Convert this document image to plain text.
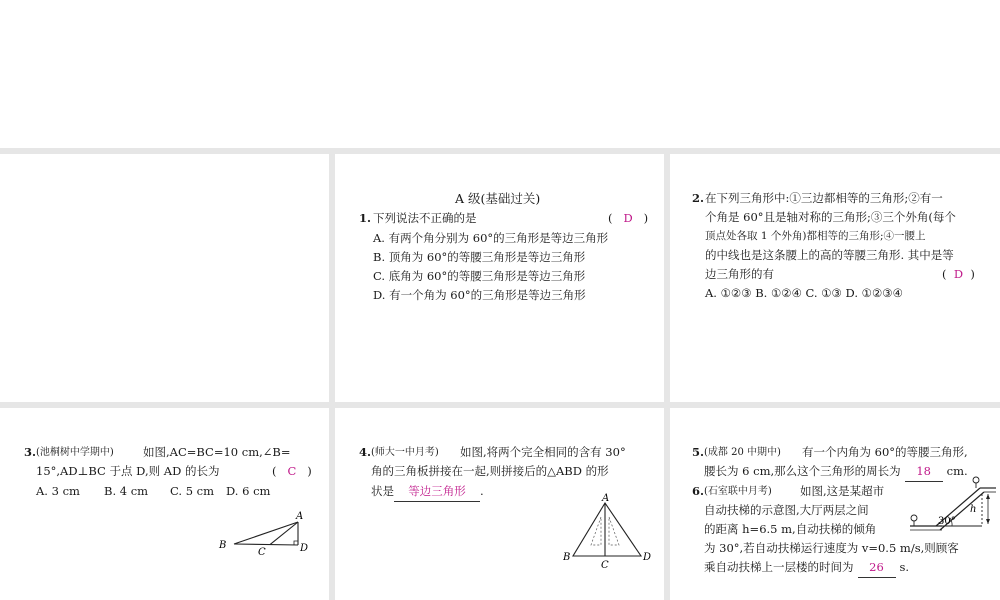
A 级(基础过关)
1. 下列说法不正确的是	(   D   )
A. 有两个角分别为 60°的三角形是等边三角形
B. 顶角为 60°的等腰三角形是等边三角形
C. 底角为 60°的等腰三角形是等边三角形
D. 有一个角为 60°的三角形是等边三角形
2. 在下列三角形中:①三边都相等的三角形;②有一
个角是 60°且是轴对称的三角形;③三个外角(每个
顶点处各取 1 个外角)都相等的三角形;④一腰上
的中线也是这条腰上的高的等腰三角形. 其中是等
边三角形的有	(  D  )
A. ①②③ B. ①②④ C. ①③ D. ①②③④
3. (池桐树中学期中)	如图,AC=BC=10 cm,∠B=
15°,AD⊥BC 于点 D,则 AD 的长为	(   C   )
A. 3 cm B. 4 cm C. 5 cm D. 6 cm
A
B
C	D
4. (师大一中月考) 如图,将两个完全相同的含有 30°
角的三角板拼接在一起,则拼接后的△ABD 的形
状是 等边三角形 .
A
B
C
D
5. (成都 20 中期中) 有一个内角为 60°的等腰三角形,
腰长为 6 cm,那么这个三角形的周长为 18 cm.
6. (石室联中月考) 如图,这是某超市
自动扶梯的示意图,大厅两层之间
的距离 h=6.5 m,自动扶梯的倾角
为 30°,若自动扶梯运行速度为 v=0.5 m/s,则顾客
乘自动扶梯上一层楼的时间为 26 s.
30°
h
